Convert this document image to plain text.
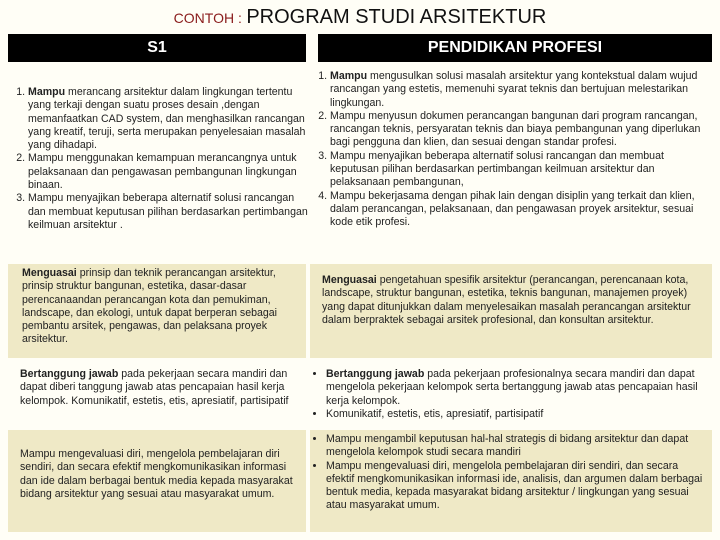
CONTOH : PROGRAM STUDI ARSITEKTUR
S1	PENDIDIKAN PROFESI
1. Mampu merancang arsitektur dalam lingkungan tertentu yang terkaji dengan suatu proses desain ,dengan memanfaatkan CAD system, dan menghasilkan rancangan yang kreatif, teruji, serta merupakan penyelesaian masalah yang dihadapi.
2. Mampu menggunakan kemampuan merancangnya untuk pelaksanaan dan pengawasan pembangunan lingkungan binaan.
3. Mampu menyajikan beberapa alternatif solusi rancangan dan membuat keputusan pilihan berdasarkan pertimbangan keilmuan arsitektur .
1. Mampu mengusulkan solusi masalah arsitektur yang kontekstual dalam wujud rancangan yang estetis, memenuhi syarat teknis dan bertujuan melestarikan lingkungan.
2. Mampu menyusun dokumen perancangan bangunan dari program rancangan, rancangan teknis, persyaratan teknis dan biaya pembangunan yang diperlukan bagi pengguna dan klien, dan sesuai dengan standar profesi.
3. Mampu menyajikan beberapa alternatif solusi rancangan dan membuat keputusan pilihan berdasarkan pertimbangan keilmuan arsitektur dan pelaksanaan pembangunan,
4. Mampu bekerjasama dengan pihak lain dengan disiplin yang terkait dan klien, dalam perancangan, pelaksanaan, dan pengawasan proyek arsitektur, sesuai kode etik profesi.
Menguasai prinsip dan teknik perancangan arsitektur, prinsip struktur bangunan, estetika, dasar-dasar perencanaandan perancangan kota dan pemukiman, landscape, dan ekologi, untuk dapat berperan sebagai pembantu arsitek, pengawas, dan pelaksana proyek arsitektur.
Menguasai pengetahuan spesifik arsitektur (perancangan, perencanaan kota, landscape, struktur bangunan, estetika, teknis bangunan, manajemen proyek) yang dapat ditunjukkan dalam menyelesaikan masalah perancangan arsitektur dalam berpraktek sebagai arsitek profesional, dan konsultan arsitektur.
Bertanggung jawab pada pekerjaan secara mandiri dan dapat diberi tanggung jawab atas pencapaian hasil kerja kelompok. Komunikatif, estetis, etis, apresiatif, partisipatif
• Bertanggung jawab pada pekerjaan profesionalnya secara mandiri dan dapat mengelola pekerjaan kelompok serta bertanggung jawab atas pencapaian hasil kerja kelompok.
• Komunikatif, estetis, etis, apresiatif, partisipatif
Mampu mengevaluasi diri, mengelola pembelajaran diri sendiri, dan secara efektif mengkomunikasikan informasi dan ide dalam berbagai bentuk media kepada masyarakat bidang arsitektur yang sesuai atau masyarakat umum.
• Mampu mengambil keputusan hal-hal strategis di bidang arsitektur dan dapat mengelola kelompok studi secara mandiri
• Mampu mengevaluasi diri, mengelola pembelajaran diri sendiri, dan secara efektif mengkomunikasikan informasi ide, analisis, dan argumen dalam berbagai bentuk media, kepada masyarakat bidang arsitektur / lingkungan yang sesuai atau masyarakat umum.
